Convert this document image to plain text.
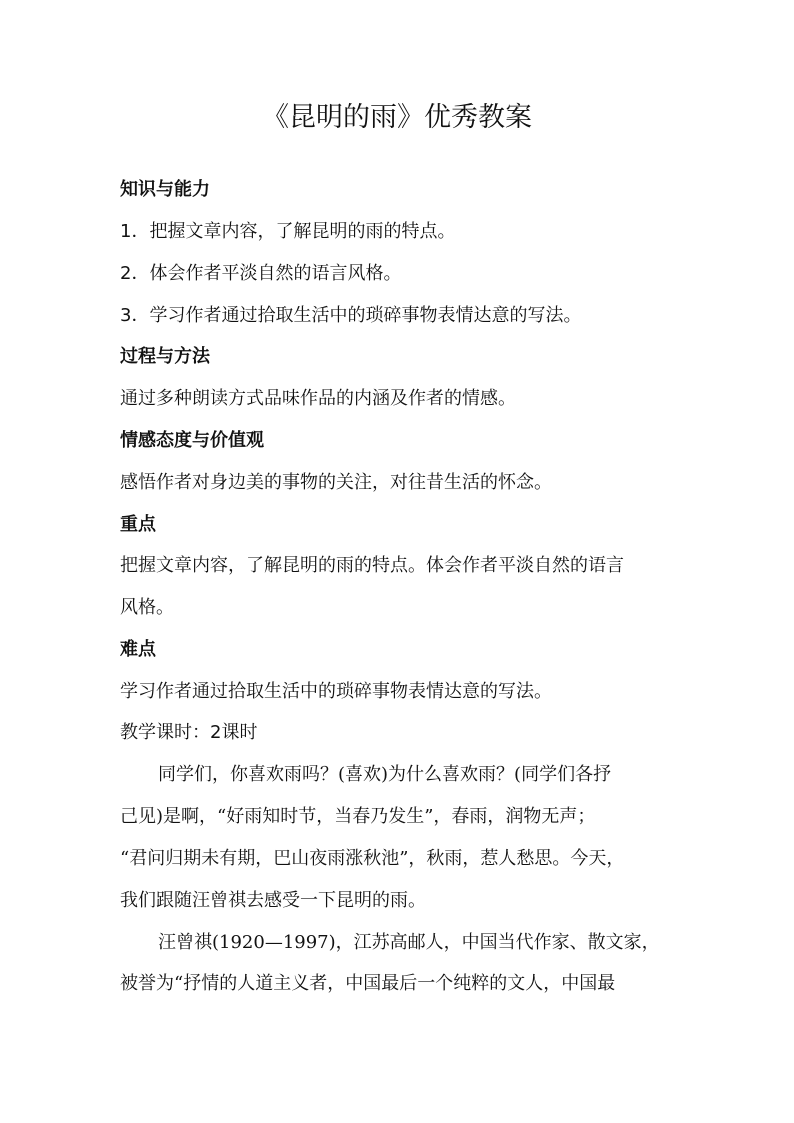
《昆明的雨》优秀教案
知识与能力
1．把握文章内容，了解昆明的雨的特点。
2．体会作者平淡自然的语言风格。
3．学习作者通过拾取生活中的琐碎事物表情达意的写法。
过程与方法
通过多种朗读方式品味作品的内涵及作者的情感。
情感态度与价值观
感悟作者对身边美的事物的关注，对往昔生活的怀念。
重点
把握文章内容，了解昆明的雨的特点。体会作者平淡自然的语言
风格。
难点
学习作者通过拾取生活中的琐碎事物表情达意的写法。
教学课时：2课时
同学们，你喜欢雨吗？(喜欢)为什么喜欢雨？(同学们各抒
己见)是啊，“好雨知时节，当春乃发生”，春雨，润物无声；
“君问归期未有期，巴山夜雨涨秋池”，秋雨，惹人愁思。今天，
我们跟随汪曾祺去感受一下昆明的雨。
汪曾祺(1920—1997)，江苏高邮人，中国当代作家、散文家，
被誉为“抒情的人道主义者，中国最后一个纯粹的文人，中国最
